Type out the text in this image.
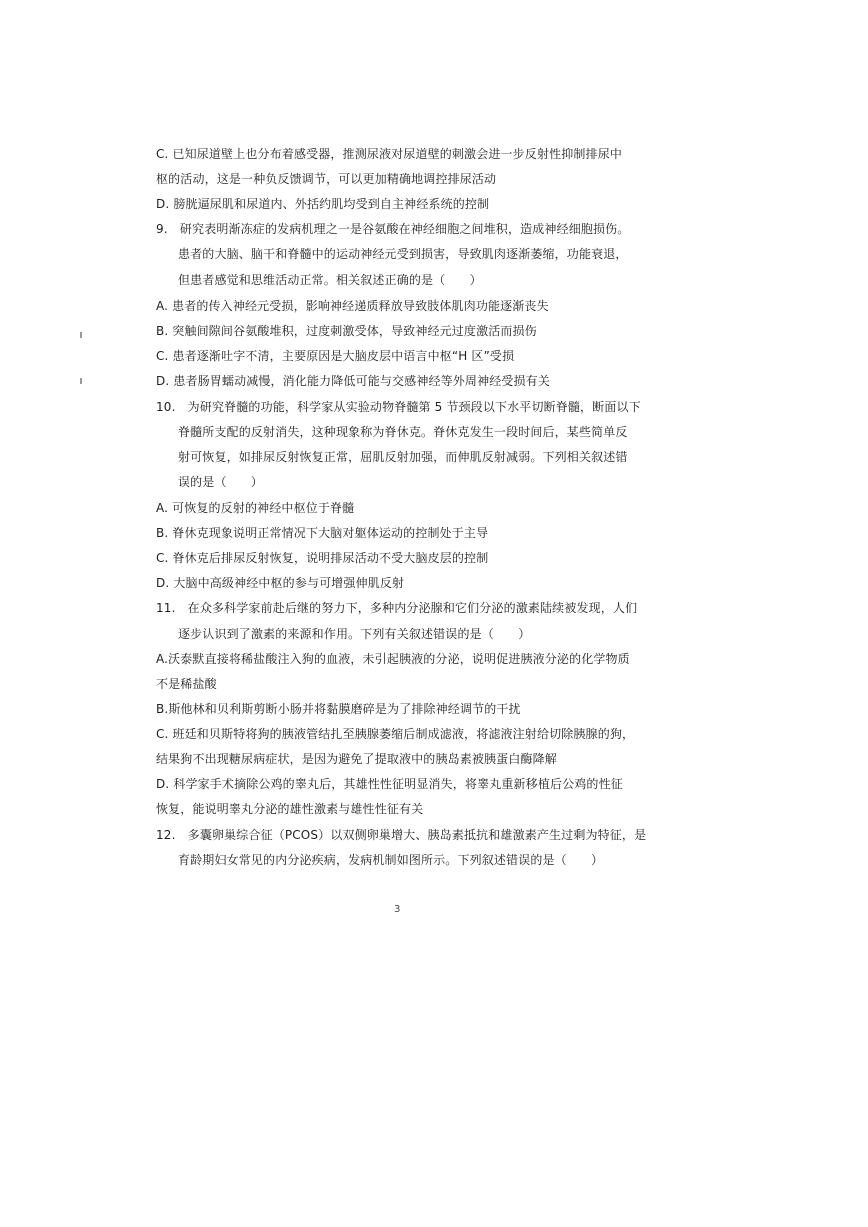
C. 已知尿道壁上也分布着感受器，推测尿液对尿道壁的刺激会进一步反射性抑制排尿中
枢的活动，这是一种负反馈调节，可以更加精确地调控排尿活动
D. 膀胱逼尿肌和尿道内、外括约肌均受到自主神经系统的控制
9.　研究表明渐冻症的发病机理之一是谷氨酸在神经细胞之间堆积，造成神经细胞损伤。
患者的大脑、脑干和脊髓中的运动神经元受到损害，导致肌肉逐渐萎缩，功能衰退，
但患者感觉和思维活动正常。相关叙述正确的是（　　）
A. 患者的传入神经元受损，影响神经递质释放导致肢体肌肉功能逐渐丧失
B. 突触间隙间谷氨酸堆积，过度刺激受体，导致神经元过度激活而损伤
C. 患者逐渐吐字不清，主要原因是大脑皮层中语言中枢“H 区”受损
D. 患者肠胃蠕动减慢，消化能力降低可能与交感神经等外周神经受损有关
10.　为研究脊髓的功能，科学家从实验动物脊髓第 5 节颈段以下水平切断脊髓，断面以下
脊髓所支配的反射消失，这种现象称为脊休克。脊休克发生一段时间后，某些简单反
射可恢复，如排尿反射恢复正常，屈肌反射加强，而伸肌反射减弱。下列相关叙述错
误的是（　　）
A. 可恢复的反射的神经中枢位于脊髓
B. 脊休克现象说明正常情况下大脑对躯体运动的控制处于主导
C. 脊休克后排尿反射恢复，说明排尿活动不受大脑皮层的控制
D. 大脑中高级神经中枢的参与可增强伸肌反射
11.　在众多科学家前赴后继的努力下，多种内分泌腺和它们分泌的激素陆续被发现，人们
逐步认识到了激素的来源和作用。下列有关叙述错误的是（　　）
A.沃泰默直接将稀盐酸注入狗的血液，未引起胰液的分泌，说明促进胰液分泌的化学物质
不是稀盐酸
B.斯他林和贝利斯剪断小肠并将黏膜磨碎是为了排除神经调节的干扰
C. 班廷和贝斯特将狗的胰液管结扎至胰腺萎缩后制成滤液，将滤液注射给切除胰腺的狗，
结果狗不出现糖尿病症状，是因为避免了提取液中的胰岛素被胰蛋白酶降解
D. 科学家手术摘除公鸡的睾丸后，其雄性性征明显消失，将睾丸重新移植后公鸡的性征
恢复，能说明睾丸分泌的雄性激素与雄性性征有关
12.　多囊卵巢综合征（PCOS）以双侧卵巢增大、胰岛素抵抗和雄激素产生过剩为特征，是
育龄期妇女常见的内分泌疾病，发病机制如图所示。下列叙述错误的是（　　）
3
